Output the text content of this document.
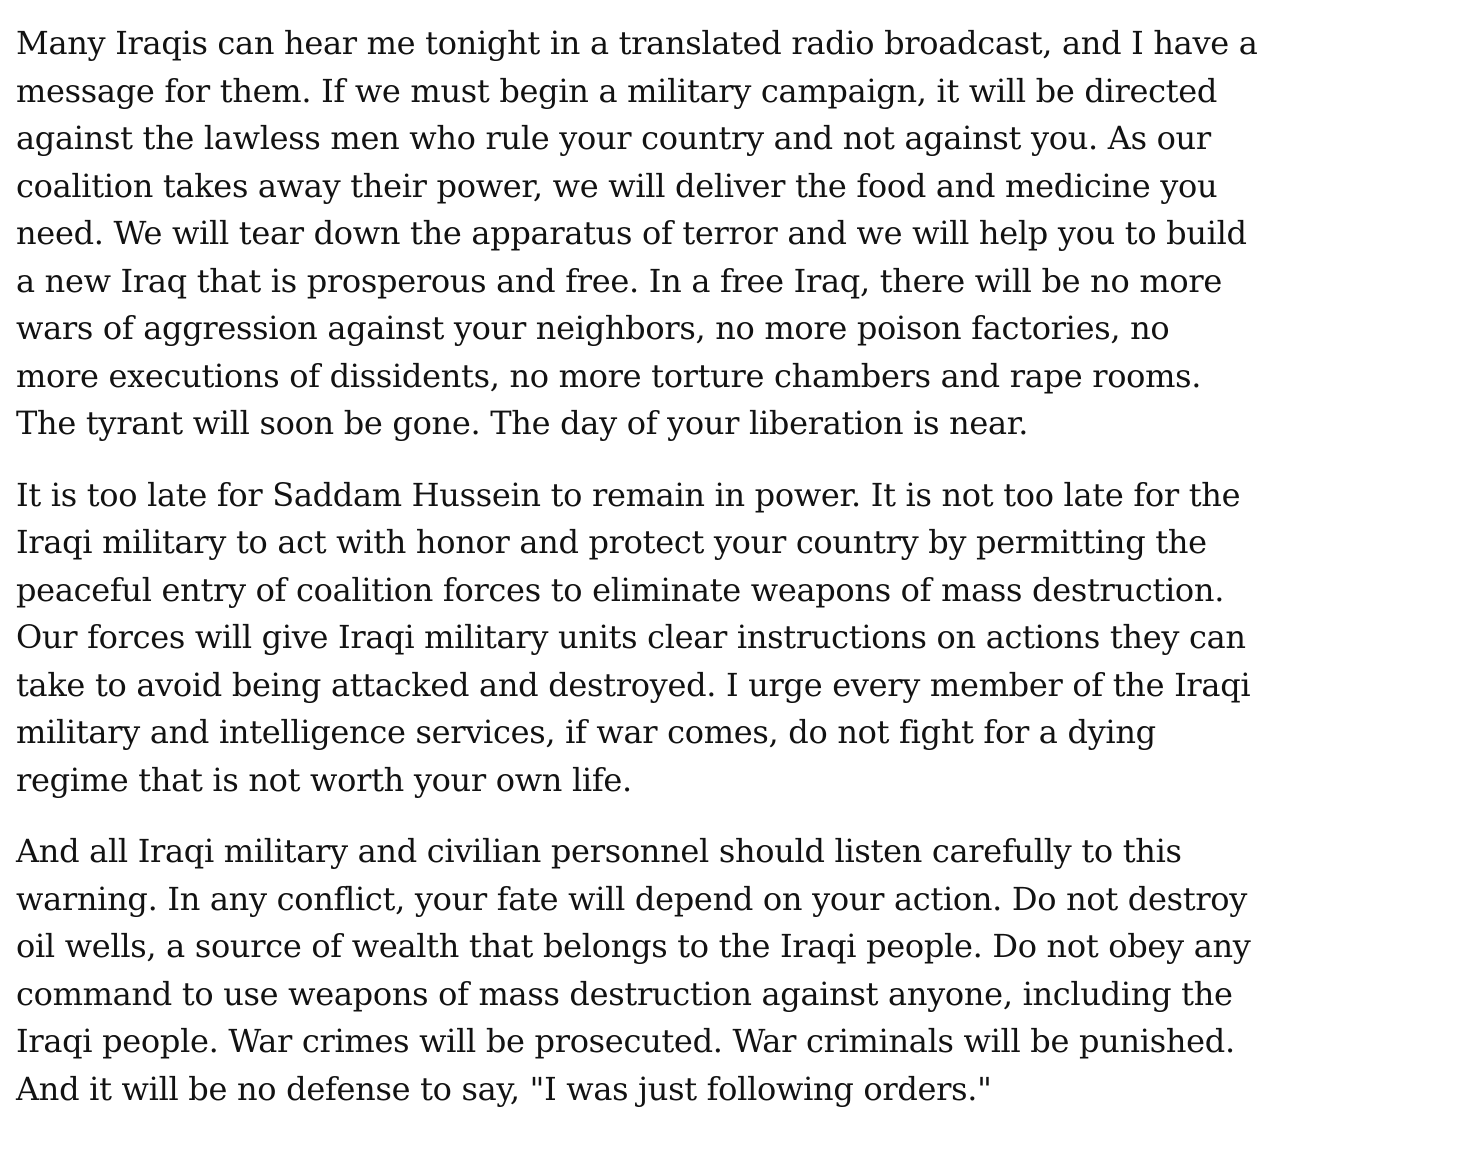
Many Iraqis can hear me tonight in a translated radio broadcast, and I have a
message for them. If we must begin a military campaign, it will be directed
against the lawless men who rule your country and not against you. As our
coalition takes away their power, we will deliver the food and medicine you
need. We will tear down the apparatus of terror and we will help you to build
a new Iraq that is prosperous and free. In a free Iraq, there will be no more
wars of aggression against your neighbors, no more poison factories, no
more executions of dissidents, no more torture chambers and rape rooms.
The tyrant will soon be gone. The day of your liberation is near.

It is too late for Saddam Hussein to remain in power. It is not too late for the
Iraqi military to act with honor and protect your country by permitting the
peaceful entry of coalition forces to eliminate weapons of mass destruction.
Our forces will give Iraqi military units clear instructions on actions they can
take to avoid being attacked and destroyed. I urge every member of the Iraqi
military and intelligence services, if war comes, do not fight for a dying
regime that is not worth your own life.

And all Iraqi military and civilian personnel should listen carefully to this
warning. In any conflict, your fate will depend on your action. Do not destroy
oil wells, a source of wealth that belongs to the Iraqi people. Do not obey any
command to use weapons of mass destruction against anyone, including the
Iraqi people. War crimes will be prosecuted. War criminals will be punished.
And it will be no defense to say, "I was just following orders."
